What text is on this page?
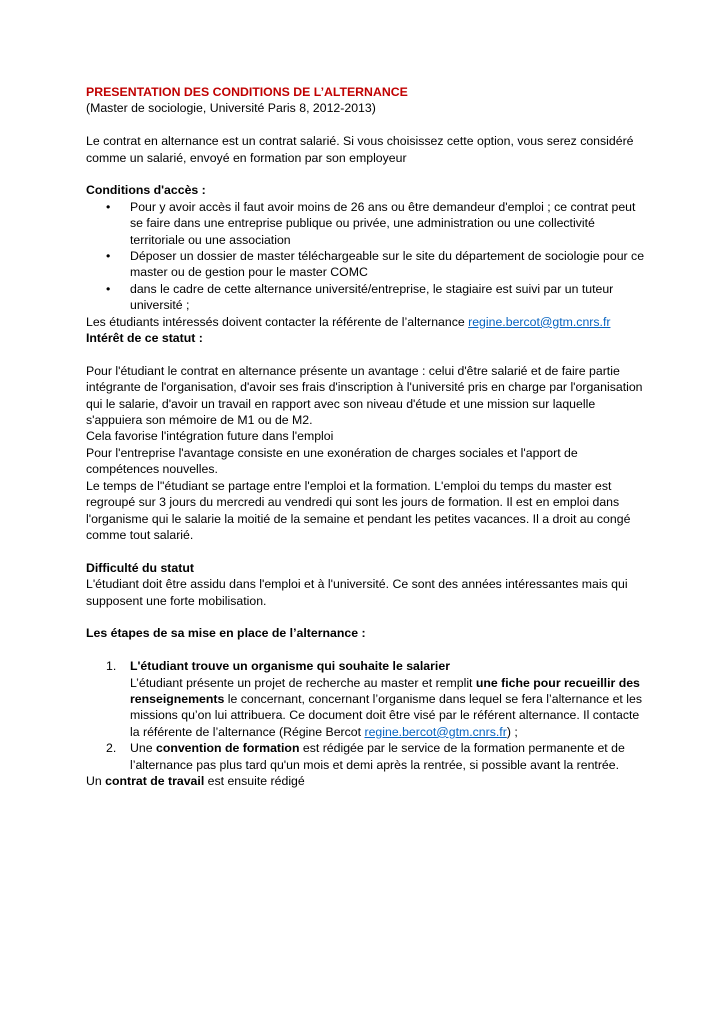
PRESENTATION DES CONDITIONS DE L’ALTERNANCE

(Master de sociologie, Université Paris 8, 2012-2013)

Le contrat en alternance est un contrat salarié. Si vous choisissez cette option, vous serez considéré comme un salarié, envoyé en formation par son employeur

Conditions d'accès :

• Pour y avoir accès il faut avoir moins de 26 ans ou être demandeur d'emploi ; ce contrat peut se faire dans une entreprise publique ou privée, une administration ou une collectivité territoriale ou une association
• Déposer un dossier de master téléchargeable sur le site du département de sociologie pour ce master ou de gestion pour le master COMC
• dans le cadre de cette alternance université/entreprise, le stagiaire est suivi par un tuteur université ;

Les étudiants intéressés doivent contacter la référente de l’alternance regine.bercot@gtm.cnrs.fr

Intérêt de ce statut :

Pour l'étudiant le contrat en alternance présente un avantage : celui d'être salarié et de faire partie intégrante de l'organisation, d'avoir ses frais d'inscription à l'université pris en charge par l'organisation qui le salarie, d'avoir un travail en rapport avec son niveau d'étude et une mission sur laquelle s'appuiera son mémoire de M1 ou de M2.

Cela favorise l'intégration future dans l'emploi

Pour l'entreprise l'avantage consiste en une exonération de charges sociales et l'apport de compétences nouvelles.

Le temps de l''étudiant se partage entre l'emploi et la formation. L'emploi du temps du master est regroupé sur 3 jours du mercredi au vendredi qui sont les jours de formation. Il est en emploi dans l'organisme qui le salarie la moitié de la semaine et pendant les petites vacances. Il a droit au congé comme tout salarié.

Difficulté du statut

L'étudiant doit être assidu dans l'emploi et à l'université. Ce sont des années intéressantes mais qui supposent une forte mobilisation.

Les étapes de sa mise en place de l’alternance :

1. L'étudiant trouve un organisme qui souhaite le salarier
L’étudiant présente un projet de recherche au master et remplit une fiche pour recueillir des renseignements le concernant, concernant l’organisme dans lequel se fera l’alternance et les missions qu’on lui attribuera. Ce document doit être visé par le référent alternance. Il contacte la référente de l’alternance (Régine Bercot regine.bercot@gtm.cnrs.fr) ;
2. Une convention de formation est rédigée par le service de la formation permanente et de l’alternance pas plus tard qu'un mois et demi après la rentrée, si possible avant la rentrée.

Un contrat de travail est ensuite rédigé
